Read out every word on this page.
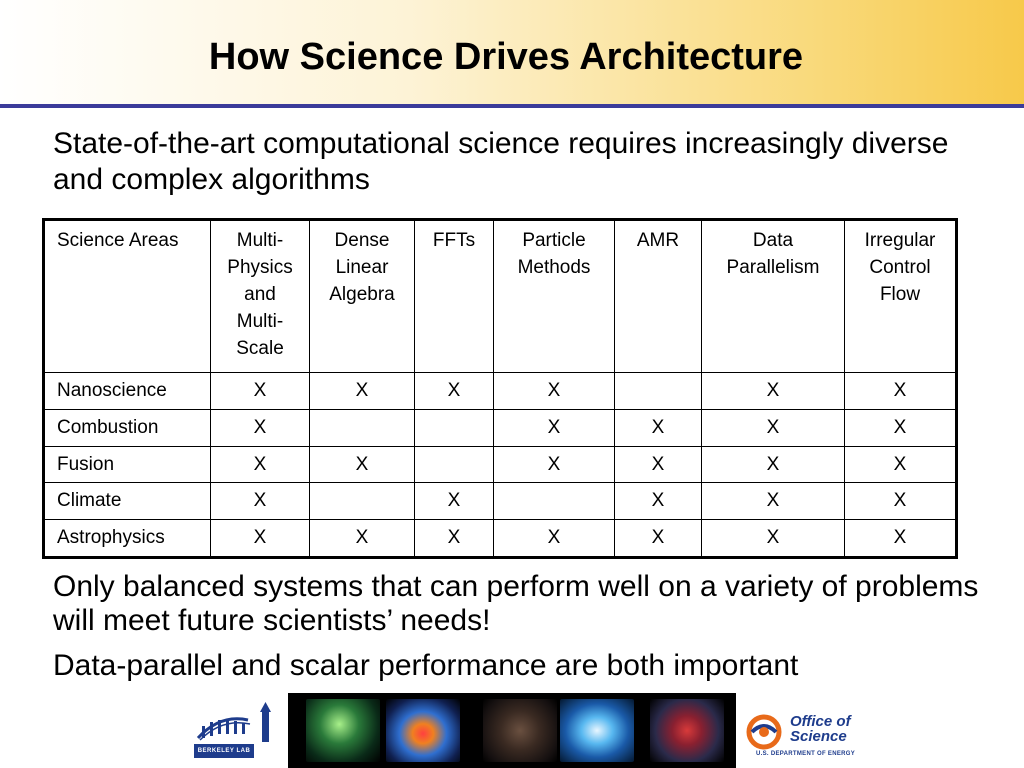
How Science Drives Architecture
State-of-the-art computational science requires increasingly diverse and complex algorithms
Science Areas	Multi-Physics and Multi-Scale	Dense Linear Algebra	FFTs	Particle Methods	AMR	Data Parallelism	Irregular Control Flow
Nanoscience	X	X	X	X		X	X
Combustion	X			X	X	X	X
Fusion	X	X		X	X	X	X
Climate	X		X		X	X	X
Astrophysics	X	X	X	X	X	X	X
Only balanced systems that can perform well on a variety of problems will meet future scientists’ needs!
Data-parallel and scalar performance are both important
BERKELEY LAB
Office of Science
U.S. DEPARTMENT OF ENERGY
